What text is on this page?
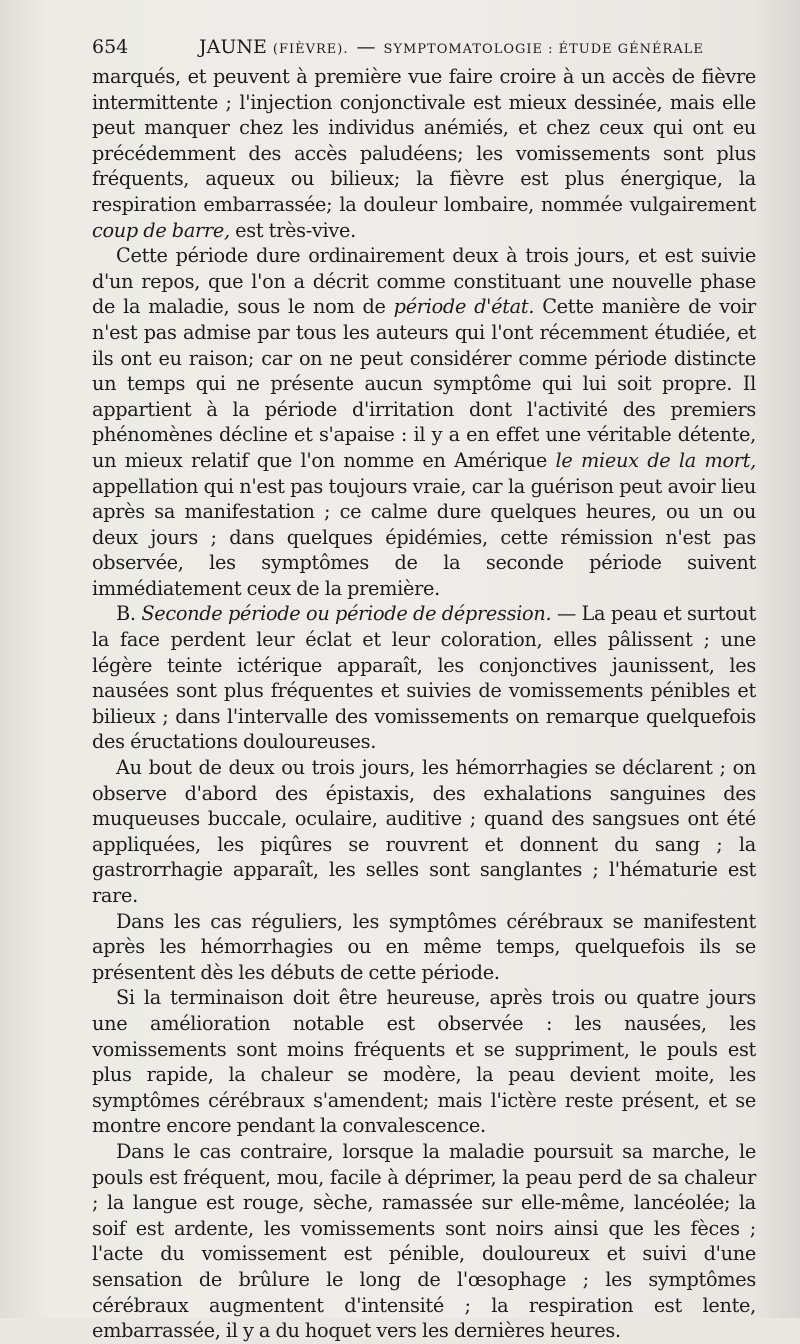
654	JAUNE (FIÈVRE). — SYMPTOMATOLOGIE : ÉTUDE GÉNÉRALE

marqués, et peuvent à première vue faire croire à un accès de fièvre intermittente ; l'injection conjonctivale est mieux dessinée, mais elle peut manquer chez les individus anémiés, et chez ceux qui ont eu précédemment des accès paludéens; les vomissements sont plus fréquents, aqueux ou bilieux; la fièvre est plus énergique, la respiration embarrassée; la douleur lombaire, nommée vulgairement coup de barre, est très-vive.

Cette période dure ordinairement deux à trois jours, et est suivie d'un repos, que l'on a décrit comme constituant une nouvelle phase de la maladie, sous le nom de période d'état. Cette manière de voir n'est pas admise par tous les auteurs qui l'ont récemment étudiée, et ils ont eu raison; car on ne peut considérer comme période distincte un temps qui ne présente aucun symptôme qui lui soit propre. Il appartient à la période d'irritation dont l'activité des premiers phénomènes décline et s'apaise : il y a en effet une véritable détente, un mieux relatif que l'on nomme en Amérique le mieux de la mort, appellation qui n'est pas toujours vraie, car la guérison peut avoir lieu après sa manifestation ; ce calme dure quelques heures, ou un ou deux jours ; dans quelques épidémies, cette rémission n'est pas observée, les symptômes de la seconde période suivent immédiatement ceux de la première.

B. Seconde période ou période de dépression. — La peau et surtout la face perdent leur éclat et leur coloration, elles pâlissent ; une légère teinte ictérique apparaît, les conjonctives jaunissent, les nausées sont plus fréquentes et suivies de vomissements pénibles et bilieux ; dans l'intervalle des vomissements on remarque quelquefois des éructations douloureuses.

Au bout de deux ou trois jours, les hémorrhagies se déclarent ; on observe d'abord des épistaxis, des exhalations sanguines des muqueuses buccale, oculaire, auditive ; quand des sangsues ont été appliquées, les piqûres se rouvrent et donnent du sang ; la gastrorrhagie apparaît, les selles sont sanglantes ; l'hématurie est rare.

Dans les cas réguliers, les symptômes cérébraux se manifestent après les hémorrhagies ou en même temps, quelquefois ils se présentent dès les débuts de cette période.

Si la terminaison doit être heureuse, après trois ou quatre jours une amélioration notable est observée : les nausées, les vomissements sont moins fréquents et se suppriment, le pouls est plus rapide, la chaleur se modère, la peau devient moite, les symptômes cérébraux s'amendent; mais l'ictère reste présent, et se montre encore pendant la convalescence.

Dans le cas contraire, lorsque la maladie poursuit sa marche, le pouls est fréquent, mou, facile à déprimer, la peau perd de sa chaleur ; la langue est rouge, sèche, ramassée sur elle-même, lancéolée; la soif est ardente, les vomissements sont noirs ainsi que les fèces ; l'acte du vomissement est pénible, douloureux et suivi d'une sensation de brûlure le long de l'œsophage ; les symptômes cérébraux augmentent d'intensité ; la respiration est lente, embarrassée, il y a du hoquet vers les dernières heures.
